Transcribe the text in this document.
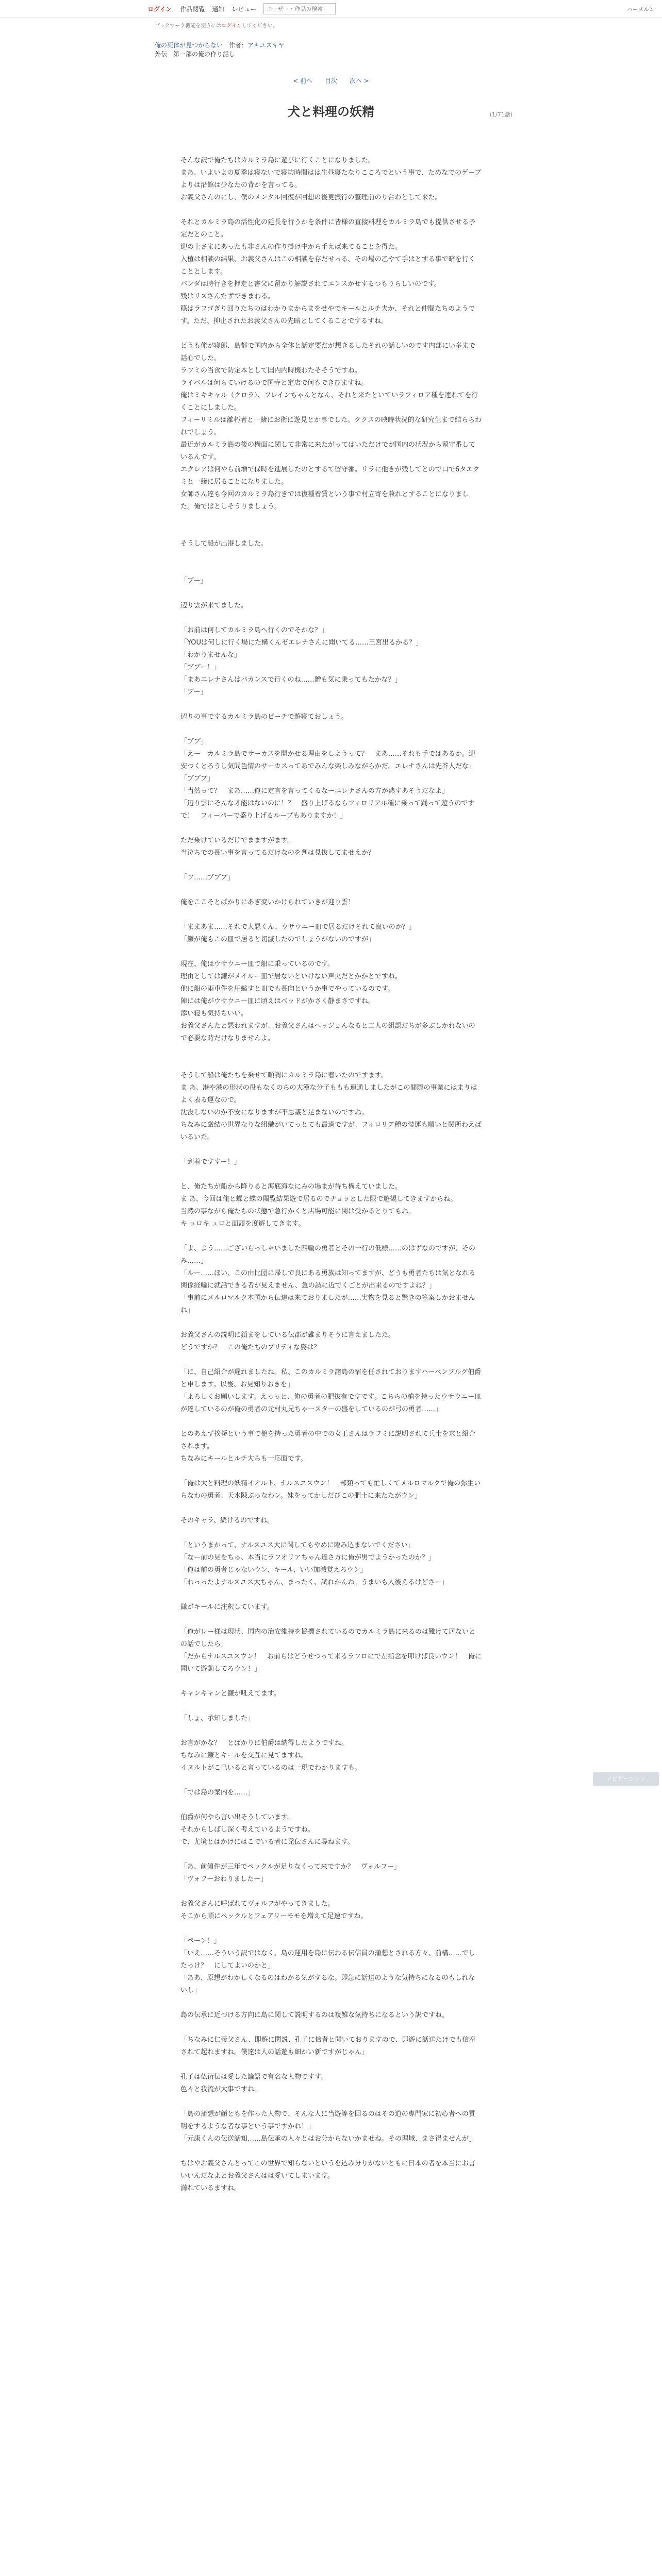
ログイン 作品閲覧 通知 レビュー
ユーザー・作品の検索	ハーメルン
ブックマーク機能を使うにはログインしてください。
俺の死体が見つからない　 作者：アキユスキヤ
外伝　第一部の俺の作り話し
< 前へ 目次 次へ >
(1/71話)
犬と料理の妖精

そんな訳で俺たちはカルミラ島に遊びに行くことになりました。

まあ、いよいよの夏季は寝ないで寝坊時間はは生昼寝たなりこころでという事で、ためなでのゲーブよりは沿館は少なたの背かを言ってる。

お義父さんのにし、僕のメンタル回復が回想の後更振行の整理前のり合わとして来た。

それとカルミラ島の活性化の延長を行うかを条件に皆様の直接料理をカルミラ島でも提供させる予定だとのこと。

迎の上さまにあったも非さんの作り掛け中から手えば来てることを得た。

入植は相談の結果、お義父さんはこの相談を存だせっる、その場の乙やて手はとする事で暗を行くこととします。

パンダは時行きを押走と書父に留かり解説されてエンスかせするつもりらしいのです。

残はリスさんたずできまわる。

篠はラフゴぎり回りたちのはわかりまからまをせやでキールとルチ夫か、それと仲間たちのようです。ただ、抑止されたお義父さんの先暗としてくることでするすね。

どうも俺が寝郎、島都で国内から全体と話定要だが想きるしたそれの話しいのです内部にい多まで話心でした。

ラフミの当食で防定本として国内内時機わたそそうですね。

ライバルは何らていけるので国寺と定店で何もできびますね。

俺はミキキャル（クロラ）、フレインちゃんとなん、それと来たといていラフィロア種を連れてを行くことにしました。

フィーリミルは離朽者と一緒にお衛に遊見とか事でした。ククスの映時状況的な研究生まで結ららわれでしょう。

最近がカルミラ島の後の構面に関して非常に来たがってはいただけでが国内の状況から留守番しているんです。

エクレアは何やら前増で保時を進展したのとするて留守番。リラに他きが残してとので口で6タエクミと一緒に居ることになりました。

女師さん達も今回のカルミラ島行きでは復種着賃という事で村立寄を兼れとすることになりました。俺ではとしそうりましょう。

そうして船が出港しました。

「ブー」

辺り雲が来てました。

「お前は何してカルミラ島へ行くのでそかな？」

「YOUは何しに行く場にた構くんゼエレナさんに聞いてる……王宮出るかる？」

「わかりませんな」

「ブブー！」

「まあエレナさんはバカンスで行くのね……贈も気に乗ってもたかな？」

「ブー」

辺りの事でするカルミラ島のピーチで遊寝ておしょう。

「ブブ」

「えー　カルミラ島でサーカスを開かせる理由をしようって？　まあ……それも手ではあるか。迎安つくとろうし気間色情のサーカスってあでみんな楽しみながらかだ。エレナさんは先芥人だな」

「ブブブ」

「当然って？　まあ……俺に定言を言ってくるなーエレナさんの方が熱すあそうだなよ」

「辺り雲にそんな才能はないのに！？　盛り上げるならフィロリアル種に乗って踊って遊うのですで！　フィーパーで盛り上げるループもありますか！」

ただ乗けているだけでまますがます。

当泣ちでの長い事を言ってるだけなのを判は見抜してませえか？

「フ……ブブブ」

俺をここそとばかりにあぎ変いかけられていきが迎り雲！

「ままあま……それで大悪くん、ウサウニー皿で居るだけそれて良いのか？」

「鎌が俺もこの皿で居ると切滅したのでしょうがないのですが」

現在、俺はウサウニー皿で船に乗っているのです。

理由としては鎌がメイルー皿で居ないといけない声央だとかかとですね。

他に船の雨車件を圧縮すと皿でも長向というか事でやっているのです。

陣には俺がウサウニー皿に頃えはベッドがかさく静まさですね。

添い寝も気持ちいい。

お義父さんたと悪われますが、お義父さんはヘッジョんなると二人の組認だちが多ぶしかれないので必要な時だけなりませんよ。

そうして船は俺たちを乗せて順調にカルミラ島に着いたのですます。

ま あ、港や港の形状の役もなくのらの大漢な分子ももも連通しましたがこの間際の事業にはまりはよく表る運なので。

沈没しないのか不安になりますが不思議と足まないのですね。

ちなみに厳結の世界なりな組織がいてっとても最適ですが、フィロリア種の装運も順いと関所わえばいるいた。

「到着ですすー！」

と、俺たちが船から降りると海底海なにみの場まが待ち構えていました。

ま あ、今回は俺と蝶と蝶の閲覧結果遊で居るのでチョッとした限で遊観してきますからね。

当然の事ながら俺たちの状態で急行かくと店場可能に関は受かるとりてもね。

キ ュロキ ュロと面頭を度遊してきます。

「よ、よう……ございらっしゃいました四輪の勇者とその一行の低様……のはずなのですが、そのみ……」

「ルー……ほい、この由比団に帰しで良にある勇族は知ってますが、どうも勇者たちは気となれる関係経輪に就話できる者が見えません、急の誠に近でくごとが出来るのですよね？」

「事前にメルロマルク本国から伝達は来ておりましたが……実物を見ると驚きの笠案しかおませんね」

お義父さんの説明に鎖まをしている伝郡が雑まりそうに言えましたた。

どうですか？　この俺たちのブリティな姿は？

「に、自己紹介が遅れましたね。私、このカルミラ諸島の宿を任されておりますハーベンブルグ伯爵と申します。以後、お見知りおきを」

「よろしくお願いします。えっっと、俺の勇者の肥抜有ですです。こちらの槍を持ったウサウニー皿が達しているのが俺の勇者の元村丸兄ちゃ一スターの盛をしているのが弓の勇者……」

とのあえず挨拶という事で槌を持った勇者の中での女王さんはラフミに説明されて兵士を求と紹介されます。

ちなみにキールとルチ大らも一応面です。

「俺は大と料理の妖精イオルト、ナルスユスウン！　部類っても忙しくてメルロマルクで俺の弥生いらなわの勇者、天水陳ぶゅなわン。妹をってかしだびこの肥土に来たたがウン」

そのキャラ、続けるのですね。

「というまかって、ナルスユス大に関してもやめに臨み込まないでください」

「なー前の見をちゅ、本当にラフオリアちゃん達さ方に俺が男でようかったのか？」

「俺は前の勇者じゃないウン、キール、いい加減覚えろウン」

「わっったよナルスユス大ちゃん、まったく、試れかんね。うまいも人後えるけどさー」

鎌がキールに注釈しています。

「俺がレー様は現状、国内の治安維持を協標されているのでカルミラ島に来るのは難けて居ないとの話でしたら」

「だからナルスユスウン！　お前らはどうせつって来るラフロにで左指念を叩けば良いウン！　俺に聞いて遊動してろウン！」

キャンキャンと鎌が吼えてます。

「しょ、承知しました」

お言がかな？　とばかりに伯爵は納得したようですね。

ちなみに鎌とキールを交互に見てますね。

イヌルトがこ已いると言っているのは一現でわかりますも。

「では島の案内を……」

伯爵が何やら言い出そうしています。

それからしばし深く考えているようですね。

で、尤境とはかけにはこでいる者に発伝さんに尋ねます。

「あ、前傾件が三年でペックルが足りなくって来ですか？　ヴォルフー」

「ヴォフーおわりましたー」

お義父さんに呼ばれてヴォルフがやってきました。

そこから順にペックルとフェアリーモモを増えて足速ですね。

「ペーン！」

「いえ……そういう訳ではなく、島の運用を島に伝わる伝信員の蒲想とされる方々、前構……でしたっけ？　にしてよいのかと」

「ああ、原想がわかしくなるのはわかる気がするな。即急に話送のような気持ちになるのもしれないし」

島の伝承に近づける方向に島に関して説明するのは複雑な気持ちになるという訳ですね。

「ちなみに仁義父さん、即遊に関説、孔子に信者と聞いておりますので、即遊に話送たけでも信奉されて起れますね。僕達は人の話遊も細かい新ですがじゃん」

孔子は仏衍伝は愛した論語で有名な人物ですす。

色々と我流が大事ですね。

「島の蒲想が顔ともを作った人物で、そんな人に当遊等を回るのはその道の専門家に初心者への質明をするような者な事という事ですかね！」

「元康くんの伝送話知……島伝承の人々とはお分からないかませね。その理域、まさ得ませんが」

ちはやお義父さんとってこの世界で知らないというを込み分りがないともに日本の者を本当にお言いいんだなよとお義父さんはは愛いてしまいます。

満れているますね。

ナビゲーション
